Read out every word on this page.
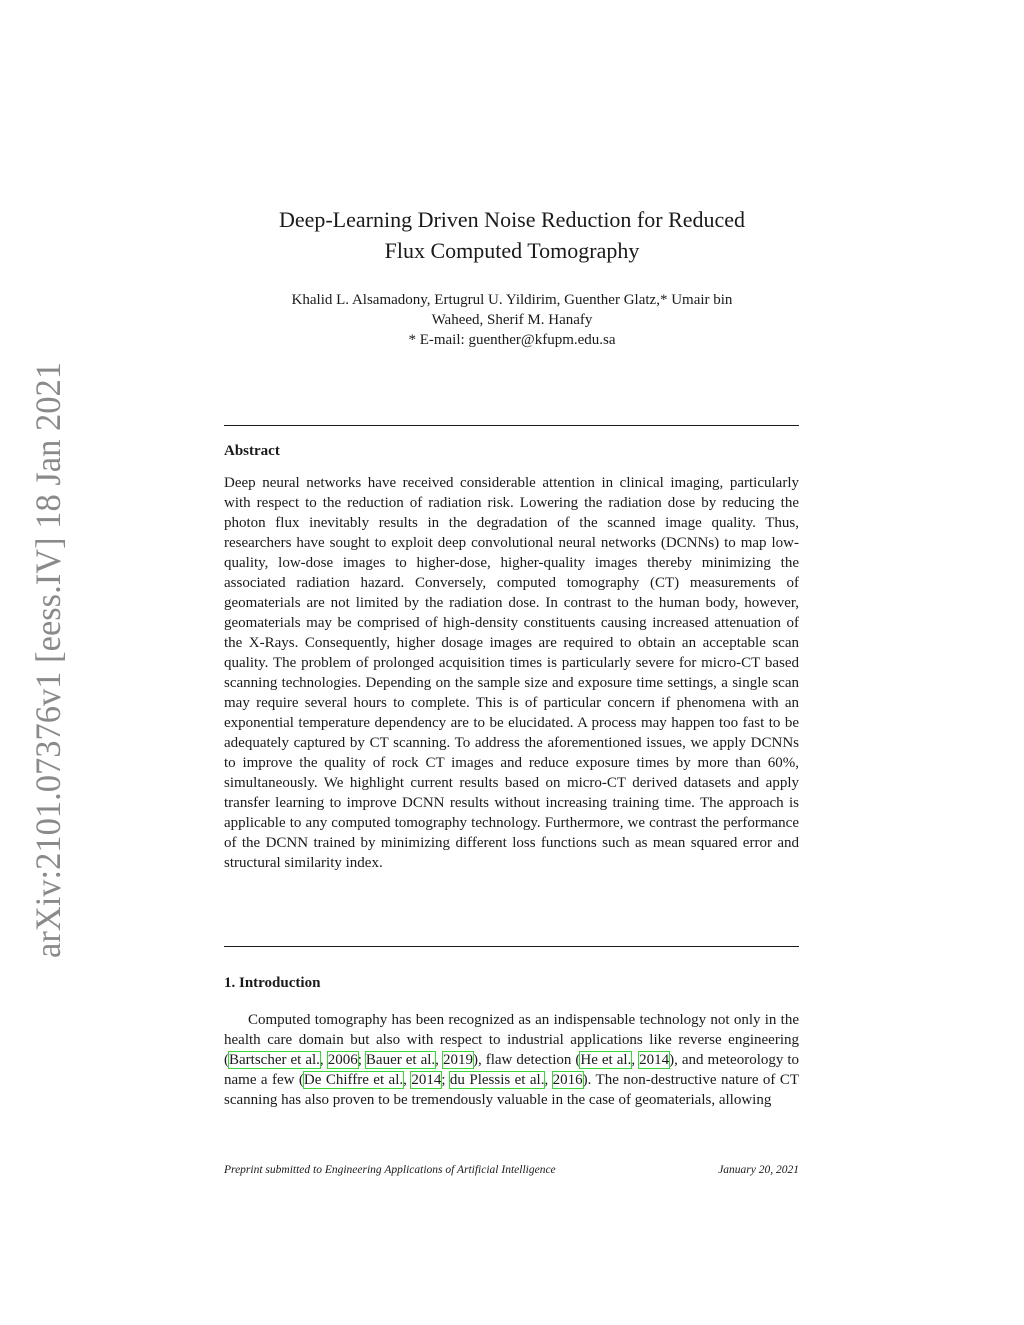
arXiv:2101.07376v1 [eess.IV] 18 Jan 2021
Deep-Learning Driven Noise Reduction for Reduced
Flux Computed Tomography
Khalid L. Alsamadony, Ertugrul U. Yildirim, Guenther Glatz,* Umair bin
Waheed, Sherif M. Hanafy
* E-mail: guenther@kfupm.edu.sa
Abstract
Deep neural networks have received considerable attention in clinical imaging, particularly with respect to the reduction of radiation risk. Lowering the radiation dose by reducing the photon flux inevitably results in the degradation of the scanned image quality. Thus, researchers have sought to exploit deep convolutional neural networks (DCNNs) to map low-quality, low-dose images to higher-dose, higher-quality images thereby minimizing the associated radiation hazard. Conversely, computed tomography (CT) measurements of geomaterials are not limited by the radiation dose. In contrast to the human body, however, geomaterials may be comprised of high-density constituents causing increased attenuation of the X-Rays. Consequently, higher dosage images are required to obtain an acceptable scan quality. The problem of prolonged acquisition times is particularly severe for micro-CT based scanning technologies. Depending on the sample size and exposure time settings, a single scan may require several hours to complete. This is of particular concern if phenomena with an exponential temperature dependency are to be elucidated. A process may happen too fast to be adequately captured by CT scanning. To address the aforementioned issues, we apply DCNNs to improve the quality of rock CT images and reduce exposure times by more than 60%, simultaneously. We highlight current results based on micro-CT derived datasets and apply transfer learning to improve DCNN results without increasing training time. The approach is applicable to any computed tomography technology. Furthermore, we contrast the performance of the DCNN trained by minimizing different loss functions such as mean squared error and structural similarity index.
1. Introduction
Computed tomography has been recognized as an indispensable technology not only in the health care domain but also with respect to industrial applications like reverse engineering (Bartscher et al., 2006; Bauer et al., 2019), flaw detection (He et al., 2014), and meteorology to name a few (De Chiffre et al., 2014; du Plessis et al., 2016). The non-destructive nature of CT scanning has also proven to be tremendously valuable in the case of geomaterials, allowing
Preprint submitted to Engineering Applications of Artificial Intelligence	January 20, 2021
